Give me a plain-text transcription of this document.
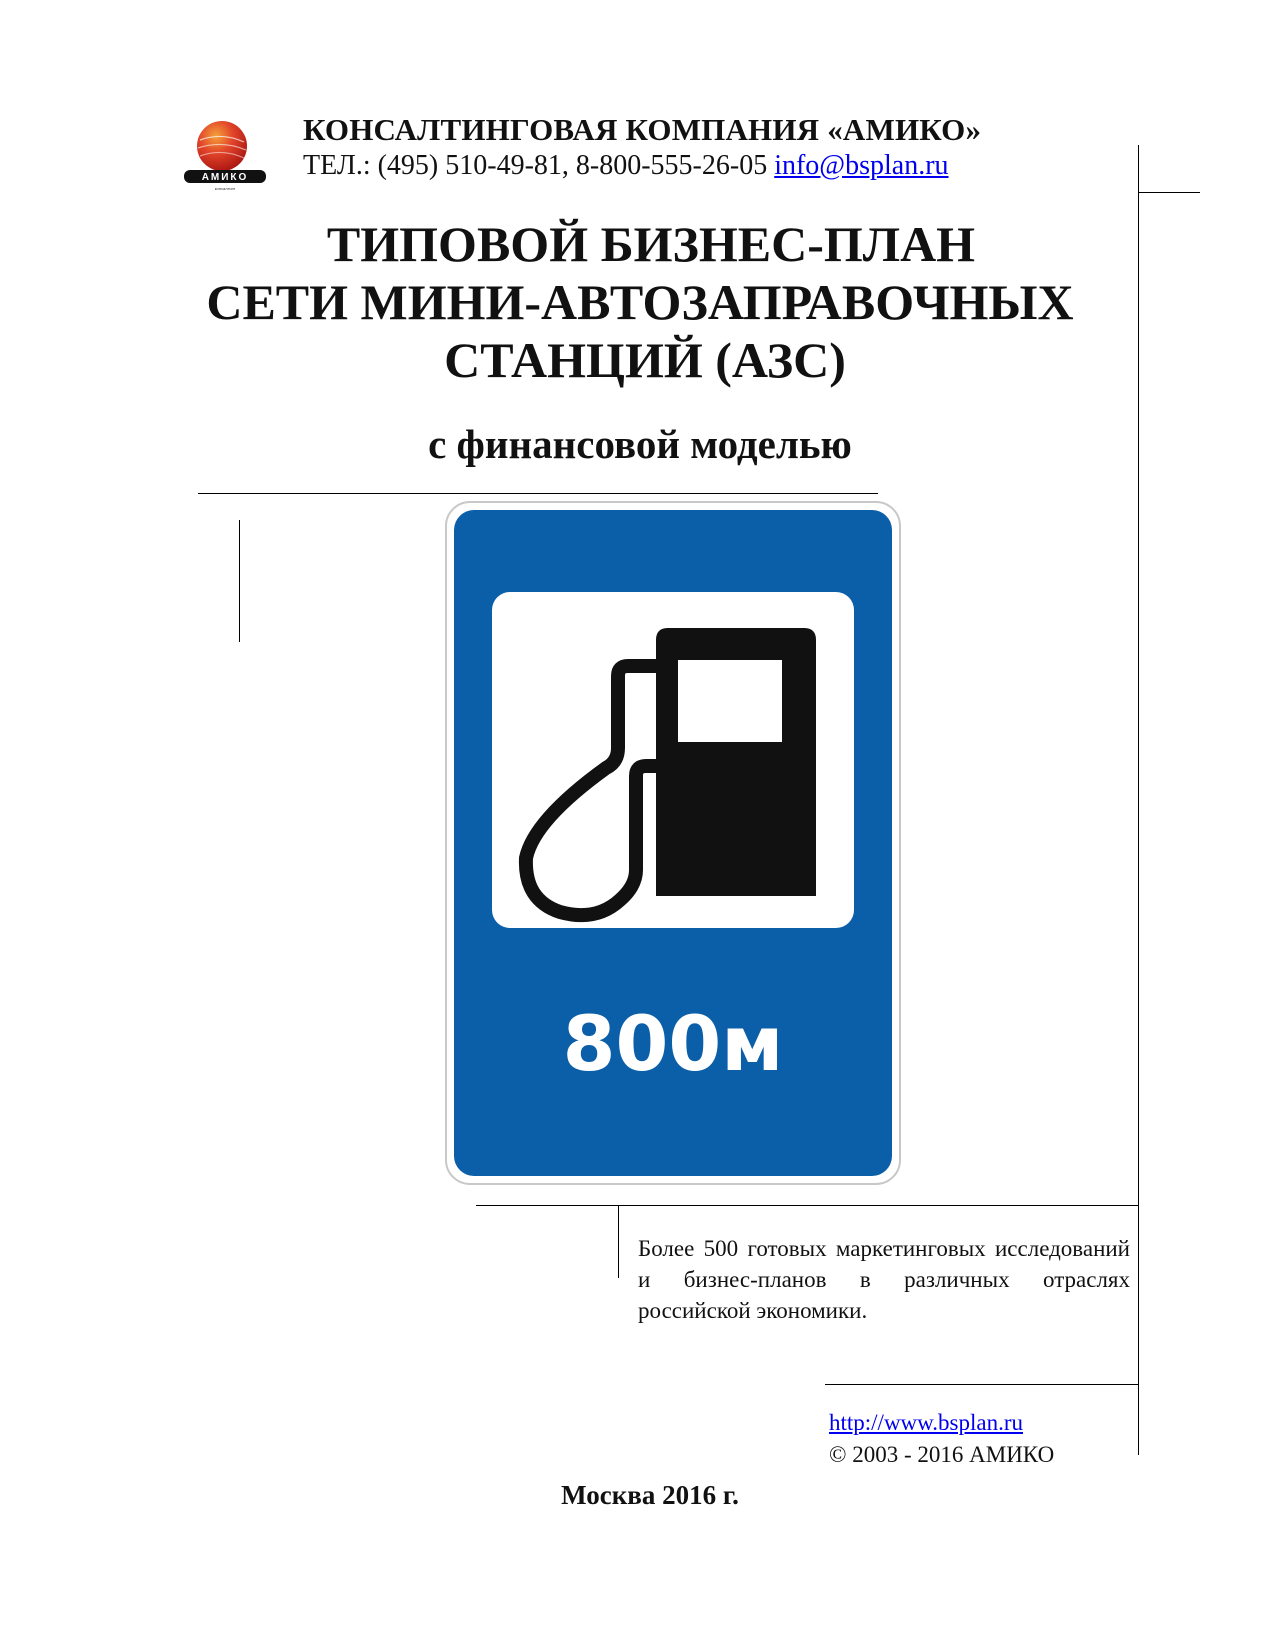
АМИКО
консалтинг
КОНСАЛТИНГОВАЯ КОМПАНИЯ «АМИКО»
ТЕЛ.: (495) 510-49-81, 8-800-555-26-05 info@bsplan.ru
ТИПОВОЙ БИЗНЕС-ПЛАН
СЕТИ МИНИ-АВТОЗАПРАВОЧНЫХ
СТАНЦИЙ (АЗС)
с финансовой моделью
800м
Более 500 готовых маркетинговых исследований и бизнес-планов в различных отраслях российской экономики.
http://www.bsplan.ru
© 2003 - 2016 АМИКО
Москва 2016 г.
